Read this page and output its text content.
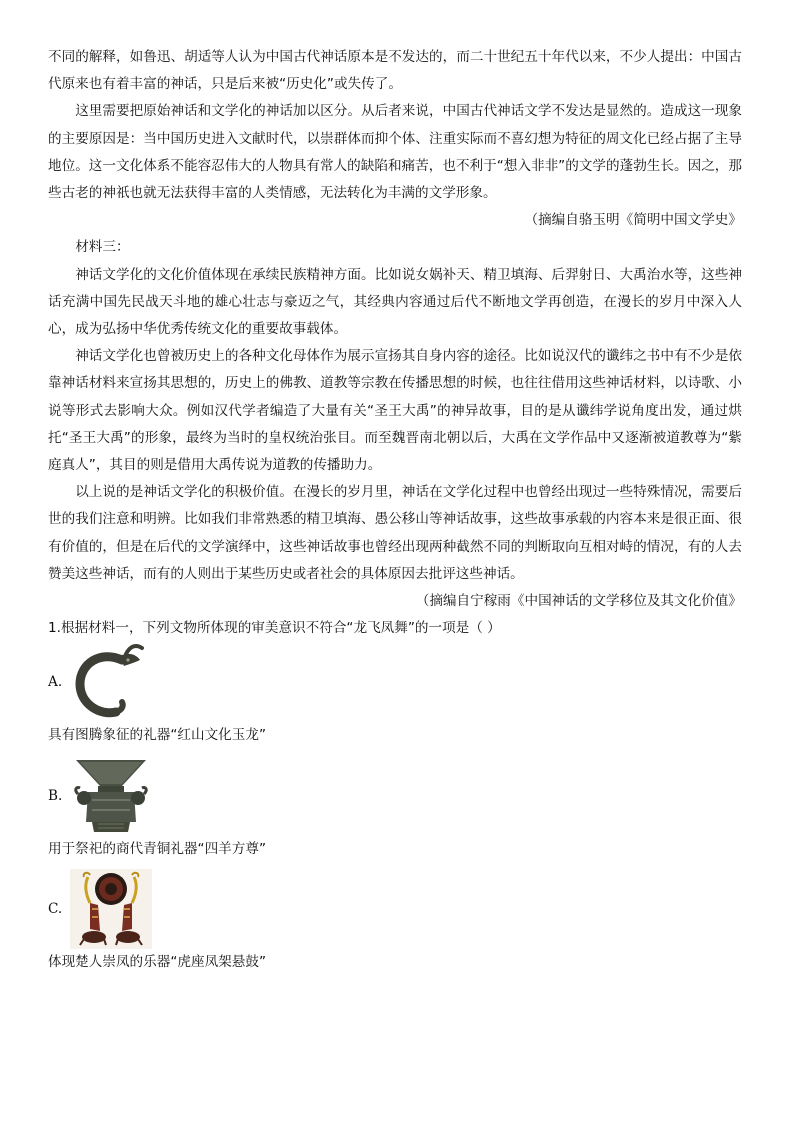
不同的解释，如鲁迅、胡适等人认为中国古代神话原本是不发达的，而二十世纪五十年代以来，不少人提出：中国古代原来也有着丰富的神话，只是后来被“历史化”或失传了。

这里需要把原始神话和文学化的神话加以区分。从后者来说，中国古代神话文学不发达是显然的。造成这一现象的主要原因是：当中国历史进入文献时代，以崇群体而抑个体、注重实际而不喜幻想为特征的周文化已经占据了主导地位。这一文化体系不能容忍伟大的人物具有常人的缺陷和痛苦，也不利于“想入非非”的文学的蓬勃生长。因之，那些古老的神祇也就无法获得丰富的人类情感，无法转化为丰满的文学形象。

（摘编自骆玉明《简明中国文学史》

材料三：

神话文学化的文化价值体现在承续民族精神方面。比如说女娲补天、精卫填海、后羿射日、大禹治水等，这些神话充满中国先民战天斗地的雄心壮志与豪迈之气，其经典内容通过后代不断地文学再创造，在漫长的岁月中深入人心，成为弘扬中华优秀传统文化的重要故事载体。

神话文学化也曾被历史上的各种文化母体作为展示宣扬其自身内容的途径。比如说汉代的谶纬之书中有不少是依靠神话材料来宣扬其思想的，历史上的佛教、道教等宗教在传播思想的时候，也往往借用这些神话材料，以诗歌、小说等形式去影响大众。例如汉代学者编造了大量有关“圣王大禹”的神异故事，目的是从谶纬学说角度出发，通过烘托“圣王大禹”的形象，最终为当时的皇权统治张目。而至魏晋南北朝以后，大禹在文学作品中又逐渐被道教尊为“紫庭真人”，其目的则是借用大禹传说为道教的传播助力。

以上说的是神话文学化的积极价值。在漫长的岁月里，神话在文学化过程中也曾经出现过一些特殊情况，需要后世的我们注意和明辨。比如我们非常熟悉的精卫填海、愚公移山等神话故事，这些故事承载的内容本来是很正面、很有价值的，但是在后代的文学演绎中，这些神话故事也曾经出现两种截然不同的判断取向互相对峙的情况，有的人去赞美这些神话，而有的人则出于某些历史或者社会的具体原因去批评这些神话。

（摘编自宁稼雨《中国神话的文学移位及其文化价值》

1.根据材料一，下列文物所体现的审美意识不符合“龙飞凤舞”的一项是（ ）

A.

具有图腾象征的礼器“红山文化玉龙”

B.

用于祭祀的商代青铜礼器“四羊方尊”

C.

体现楚人崇凤的乐器“虎座凤架悬鼓”
